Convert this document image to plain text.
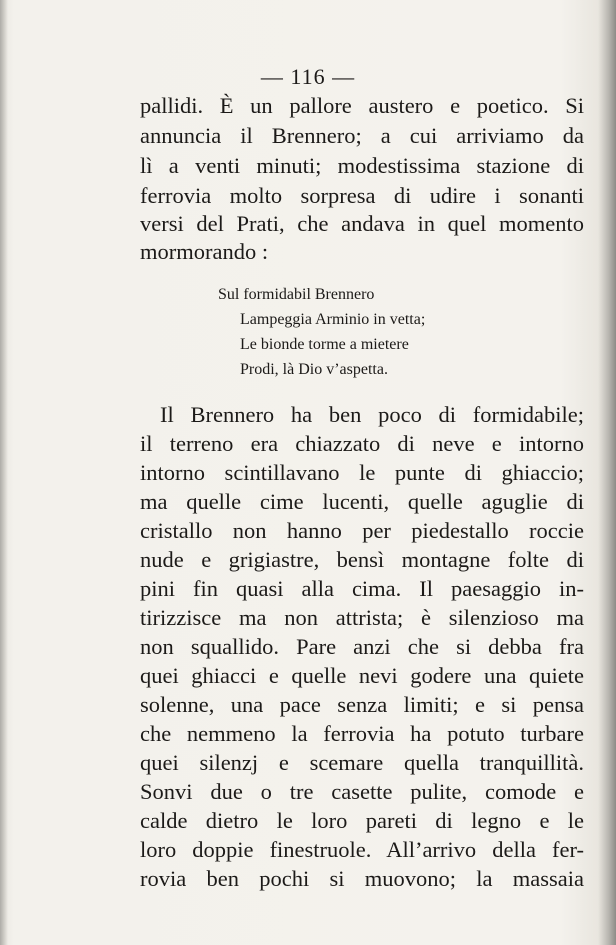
— 116 —
pallidi. È un pallore austero e poetico. Si
annuncia il Brennero; a cui arriviamo da
lì a venti minuti; modestissima stazione di
ferrovia molto sorpresa di udire i sonanti
versi del Prati, che andava in quel momento
mormorando :
Sul formidabil Brennero
Lampeggia Arminio in vetta;
Le bionde torme a mietere
Prodi, là Dio v’aspetta.
Il Brennero ha ben poco di formidabile;
il terreno era chiazzato di neve e intorno
intorno scintillavano le punte di ghiaccio;
ma quelle cime lucenti, quelle aguglie di
cristallo non hanno per piedestallo roccie
nude e grigiastre, bensì montagne folte di
pini fin quasi alla cima. Il paesaggio in-
tirizzisce ma non attrista; è silenzioso ma
non squallido. Pare anzi che si debba fra
quei ghiacci e quelle nevi godere una quiete
solenne, una pace senza limiti; e si pensa
che nemmeno la ferrovia ha potuto turbare
quei silenzj e scemare quella tranquillità.
Sonvi due o tre casette pulite, comode e
calde dietro le loro pareti di legno e le
loro doppie finestruole. All’arrivo della fer-
rovia ben pochi si muovono; la massaia
